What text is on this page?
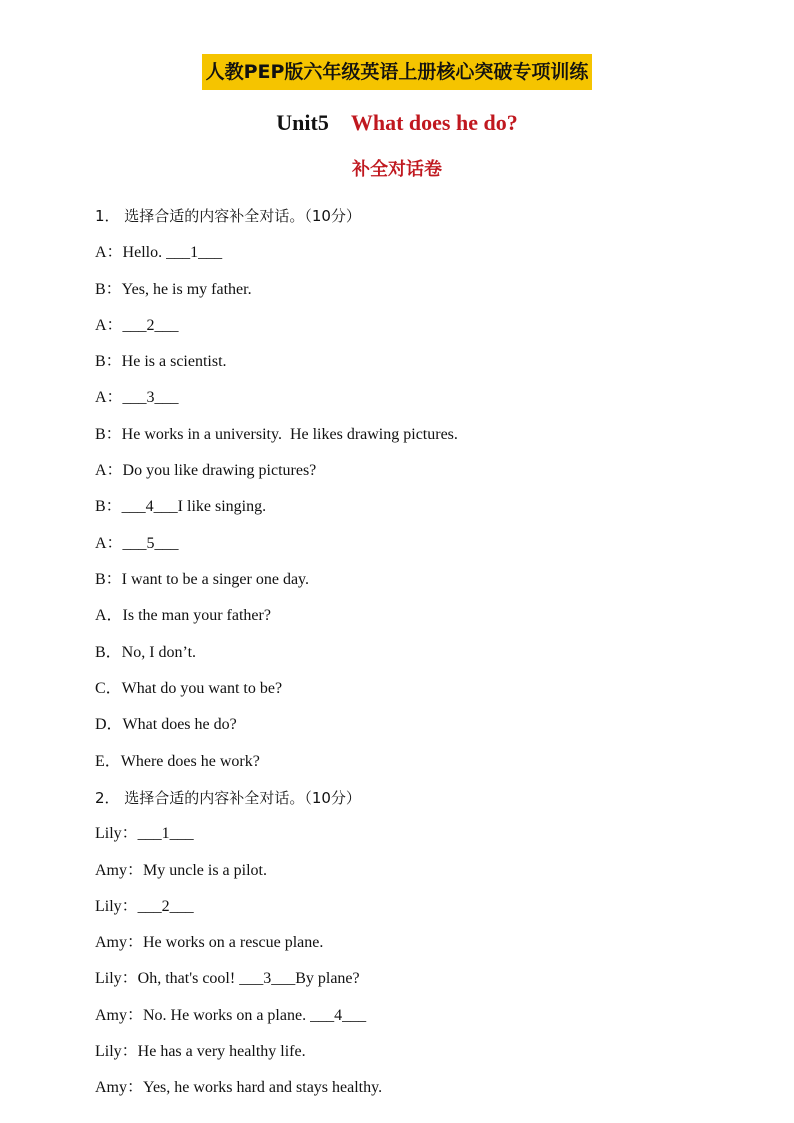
人教PEP版六年级英语上册核心突破专项训练
Unit5 What does he do?
补全对话卷
1． 选择合适的内容补全对话。（10分）
A：Hello. ___1___
B：Yes, he is my father.
A：___2___
B：He is a scientist.
A：___3___
B：He works in a university.  He likes drawing pictures.
A：Do you like drawing pictures?
B：___4___I like singing.
A：___5___
B：I want to be a singer one day.
A．Is the man your father?
B．No, I don’t.
C．What do you want to be?
D．What does he do?
E．Where does he work?
2． 选择合适的内容补全对话。（10分）
Lily：___1___
Amy：My uncle is a pilot.
Lily：___2___
Amy：He works on a rescue plane.
Lily：Oh, that's cool! ___3___By plane?
Amy：No. He works on a plane. ___4___
Lily：He has a very healthy life.
Amy：Yes, he works hard and stays healthy.
